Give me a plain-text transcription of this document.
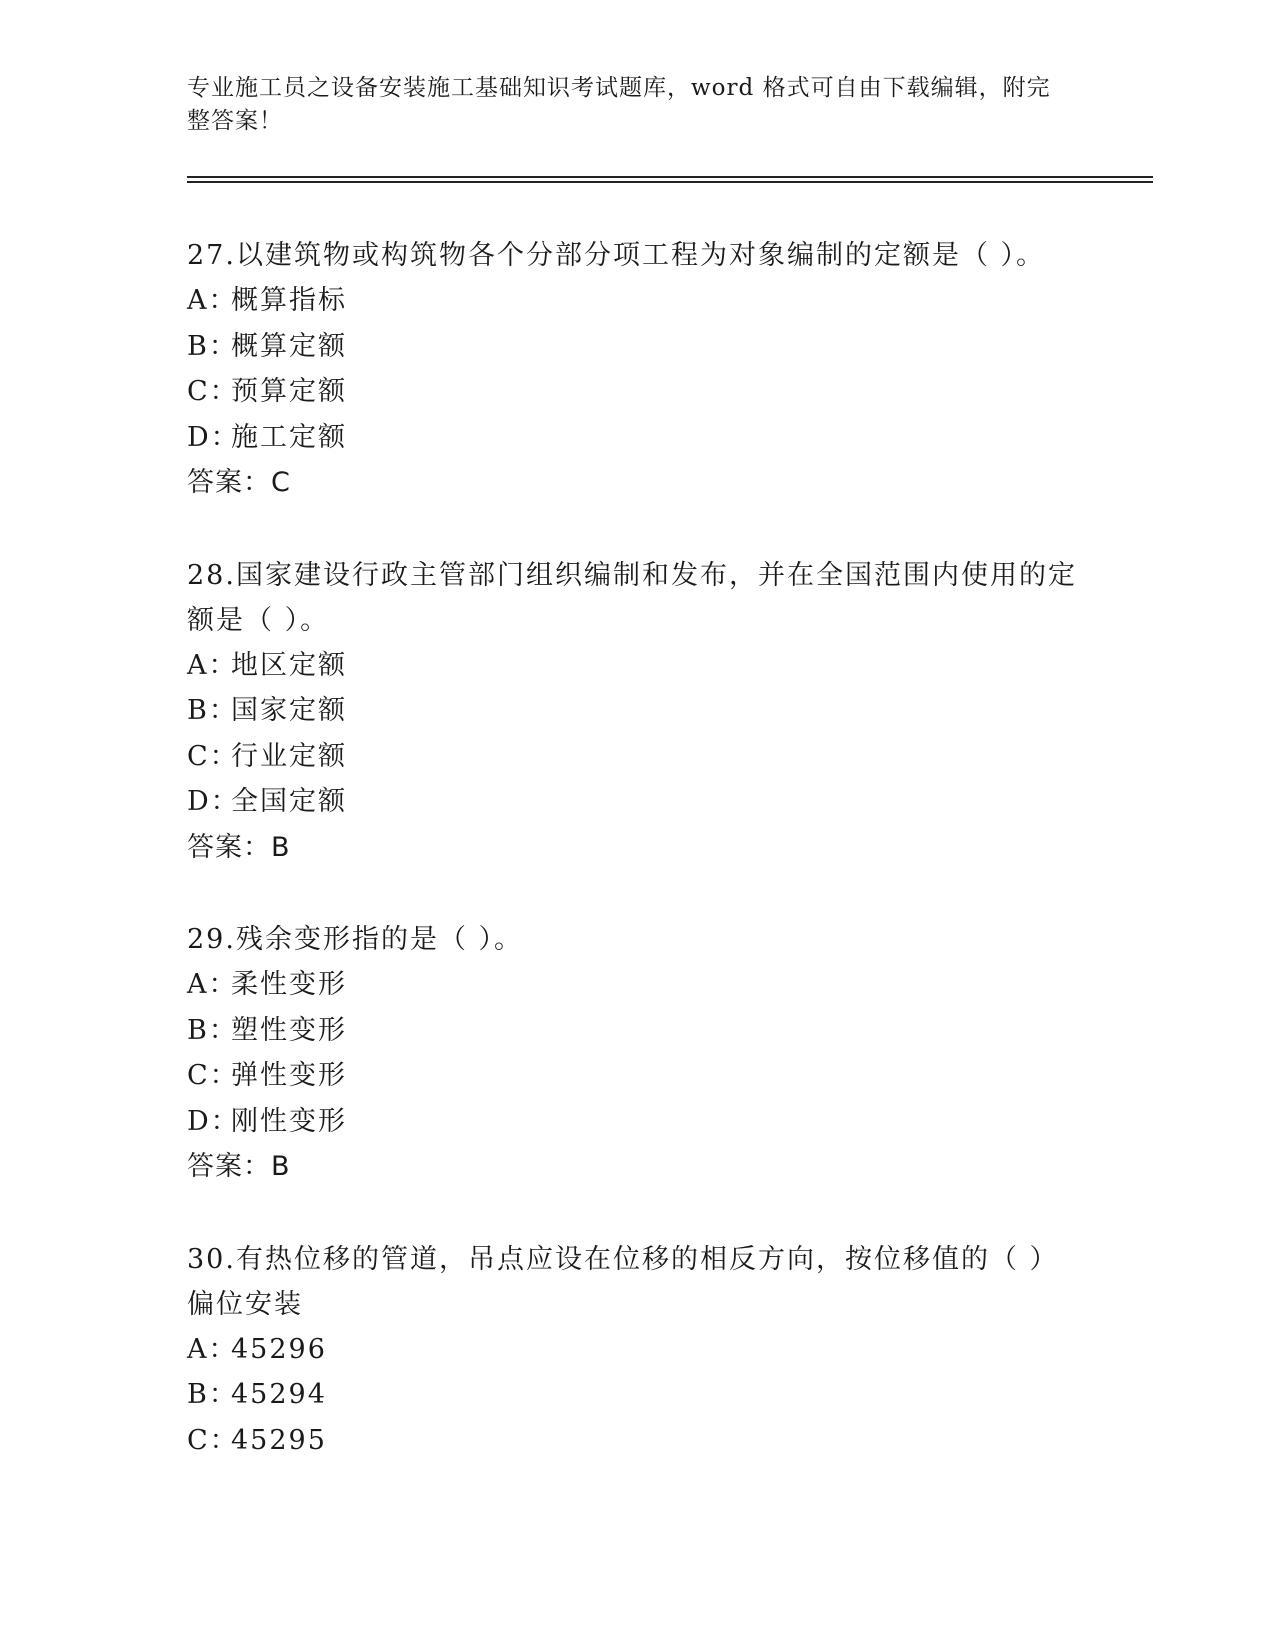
专业施工员之设备安装施工基础知识考试题库，word 格式可自由下载编辑，附完整答案！
27.以建筑物或构筑物各个分部分项工程为对象编制的定额是（ ）。
A：概算指标
B：概算定额
C：预算定额
D：施工定额
答案：C
28.国家建设行政主管部门组织编制和发布，并在全国范围内使用的定额是（ ）。
A：地区定额
B：国家定额
C：行业定额
D：全国定额
答案：B
29.残余变形指的是（ ）。
A：柔性变形
B：塑性变形
C：弹性变形
D：刚性变形
答案：B
30.有热位移的管道，吊点应设在位移的相反方向，按位移值的（ ）偏位安装
A：45296
B：45294
C：45295
